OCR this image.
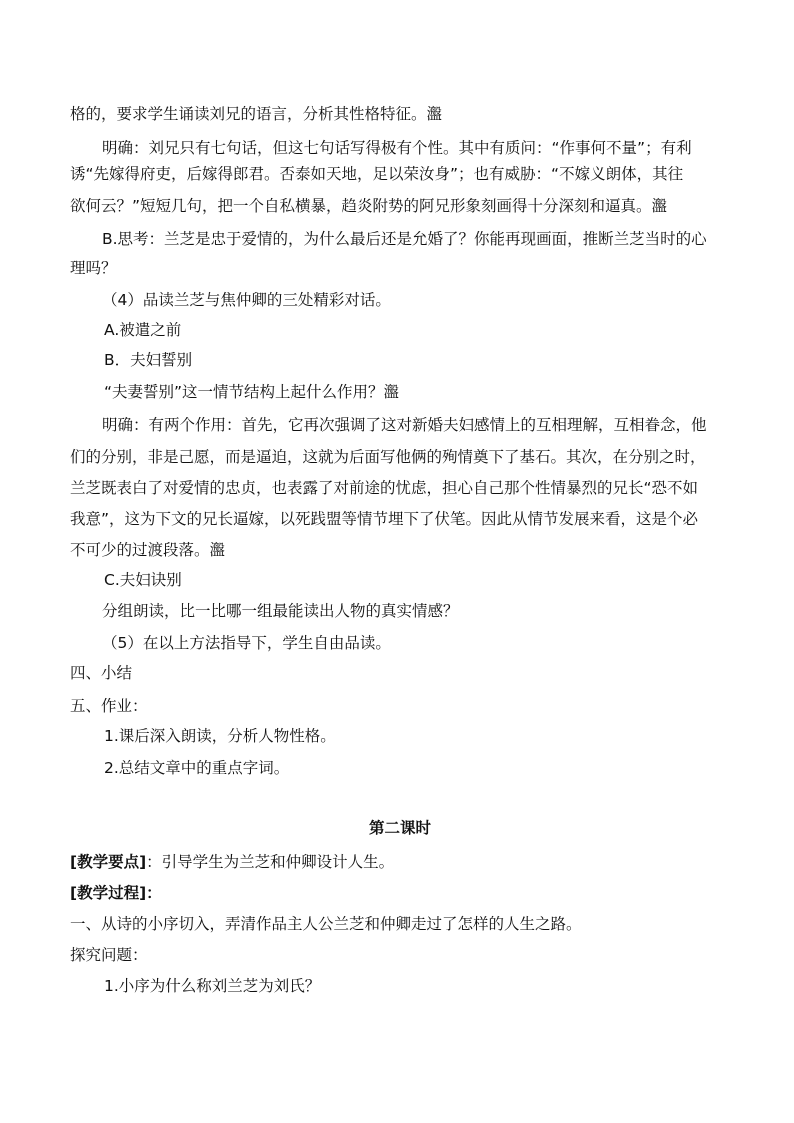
格的，要求学生诵读刘兄的语言，分析其性格特征。瀊
明确：刘兄只有七句话，但这七句话写得极有个性。其中有质问：“作事何不量”；有利
诱“先嫁得府吏，后嫁得郎君。否泰如天地，足以荣汝身”；也有威胁：“不嫁义朗体，其往
欲何云？”短短几句，把一个自私横暴，趋炎附势的阿兄形象刻画得十分深刻和逼真。瀊
B.思考：兰芝是忠于爱情的，为什么最后还是允婚了？你能再现画面，推断兰芝当时的心
理吗？
（4）品读兰芝与焦仲卿的三处精彩对话。
A.被遣之前
B．夫妇誓别
“夫妻誓别”这一情节结构上起什么作用？瀊
明确：有两个作用：首先，它再次强调了这对新婚夫妇感情上的互相理解，互相眷念，他
们的分别，非是己愿，而是逼迫，这就为后面写他俩的殉情奠下了基石。其次，在分别之时，
兰芝既表白了对爱情的忠贞，也表露了对前途的忧虑，担心自己那个性情暴烈的兄长“恐不如
我意”，这为下文的兄长逼嫁，以死践盟等情节埋下了伏笔。因此从情节发展来看，这是个必
不可少的过渡段落。瀊
C.夫妇诀别
分组朗读，比一比哪一组最能读出人物的真实情感？
（5）在以上方法指导下，学生自由品读。
四、小结
五、作业：
1.课后深入朗读，分析人物性格。
2.总结文章中的重点字词。
第二课时
[教学要点]：引导学生为兰芝和仲卿设计人生。
[教学过程]：
一、从诗的小序切入，弄清作品主人公兰芝和仲卿走过了怎样的人生之路。
探究问题：
1.小序为什么称刘兰芝为刘氏？
